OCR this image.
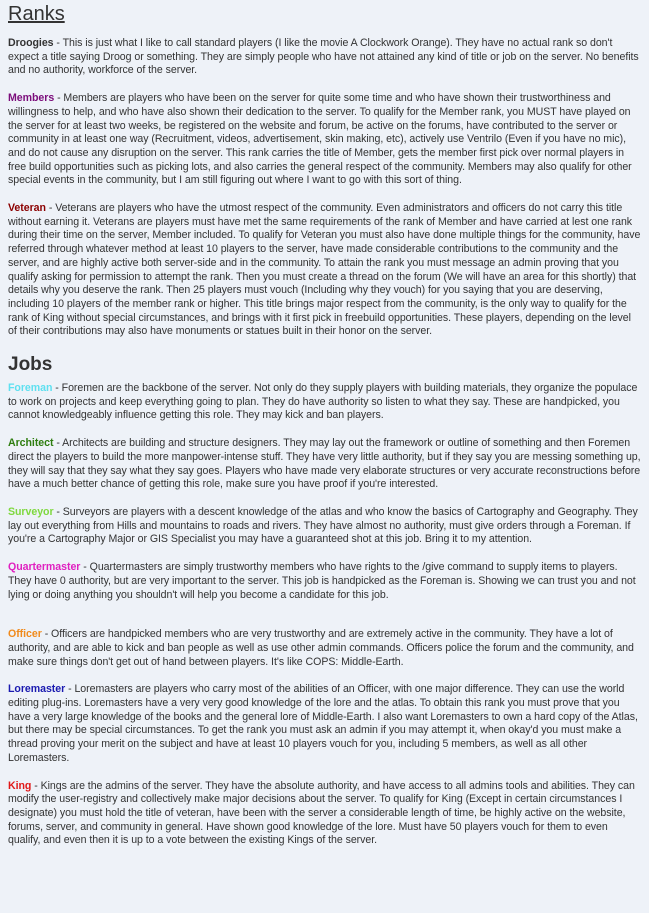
Ranks

Droogies - This is just what I like to call standard players (I like the movie A Clockwork Orange). They have no actual rank so don't expect a title saying Droog or something. They are simply people who have not attained any kind of title or job on the server. No benefits and no authority, workforce of the server.

Members - Members are players who have been on the server for quite some time and who have shown their trustworthiness and willingness to help, and who have also shown their dedication to the server. To qualify for the Member rank, you MUST have played on the server for at least two weeks, be registered on the website and forum, be active on the forums, have contributed to the server or community in at least one way (Recruitment, videos, advertisement, skin making, etc), actively use Ventrilo (Even if you have no mic), and do not cause any disruption on the server. This rank carries the title of Member, gets the member first pick over normal players in free build opportunities such as picking lots, and also carries the general respect of the community. Members may also qualify for other special events in the community, but I am still figuring out where I want to go with this sort of thing.

Veteran - Veterans are players who have the utmost respect of the community. Even administrators and officers do not carry this title without earning it. Veterans are players must have met the same requirements of the rank of Member and have carried at lest one rank during their time on the server, Member included. To qualify for Veteran you must also have done multiple things for the community, have referred through whatever method at least 10 players to the server, have made considerable contributions to the community and the server, and are highly active both server-side and in the community. To attain the rank you must message an admin proving that you qualify asking for permission to attempt the rank. Then you must create a thread on the forum (We will have an area for this shortly) that details why you deserve the rank. Then 25 players must vouch (Including why they vouch) for you saying that you are deserving, including 10 players of the member rank or higher. This title brings major respect from the community, is the only way to qualify for the rank of King without special circumstances, and brings with it first pick in freebuild opportunities. These players, depending on the level of their contributions may also have monuments or statues built in their honor on the server.

Jobs

Foreman - Foremen are the backbone of the server. Not only do they supply players with building materials, they organize the populace to work on projects and keep everything going to plan. They do have authority so listen to what they say. These are handpicked, you cannot knowledgeably influence getting this role. They may kick and ban players.

Architect - Architects are building and structure designers. They may lay out the framework or outline of something and then Foremen direct the players to build the more manpower-intense stuff. They have very little authority, but if they say you are messing something up, they will say that they say what they say goes. Players who have made very elaborate structures or very accurate reconstructions before have a much better chance of getting this role, make sure you have proof if you're interested.

Surveyor - Surveyors are players with a descent knowledge of the atlas and who know the basics of Cartography and Geography. They lay out everything from Hills and mountains to roads and rivers. They have almost no authority, must give orders through a Foreman. If you're a Cartography Major or GIS Specialist you may have a guaranteed shot at this job. Bring it to my attention.

Quartermaster - Quartermasters are simply trustworthy members who have rights to the /give command to supply items to players. They have 0 authority, but are very important to the server. This job is handpicked as the Foreman is. Showing we can trust you and not lying or doing anything you shouldn't will help you become a candidate for this job.

Officer - Officers are handpicked members who are very trustworthy and are extremely active in the community. They have a lot of authority, and are able to kick and ban people as well as use other admin commands. Officers police the forum and the community, and make sure things don't get out of hand between players. It's like COPS: Middle-Earth.

Loremaster - Loremasters are players who carry most of the abilities of an Officer, with one major difference. They can use the world editing plug-ins. Loremasters have a very very good knowledge of the lore and the atlas. To obtain this rank you must prove that you have a very large knowledge of the books and the general lore of Middle-Earth. I also want Loremasters to own a hard copy of the Atlas, but there may be special circumstances. To get the rank you must ask an admin if you may attempt it, when okay'd you must make a thread proving your merit on the subject and have at least 10 players vouch for you, including 5 members, as well as all other Loremasters.

King - Kings are the admins of the server. They have the absolute authority, and have access to all admins tools and abilities. They can modify the user-registry and collectively make major decisions about the server. To qualify for King (Except in certain circumstances I designate) you must hold the title of veteran, have been with the server a considerable length of time, be highly active on the website, forums, server, and community in general. Have shown good knowledge of the lore. Must have 50 players vouch for them to even qualify, and even then it is up to a vote between the existing Kings of the server.
